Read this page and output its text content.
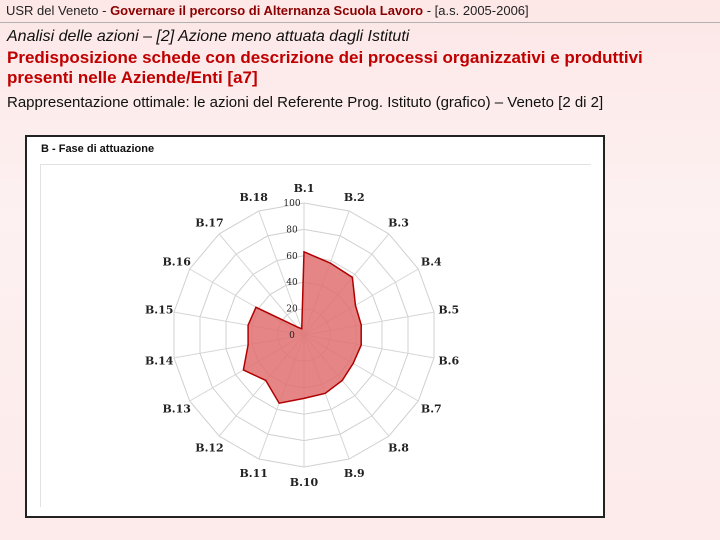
USR del Veneto - Governare il percorso di Alternanza Scuola Lavoro - [a.s. 2005-2006]
Analisi delle azioni – [2] Azione meno attuata dagli Istituti
Predisposizione schede con descrizione dei processi organizzativi e produttivi presenti nelle Aziende/Enti [a7]
Rappresentazione ottimale: le azioni del Referente Prog. Istituto (grafico) – Veneto [2 di 2]
B - Fase di attuazione
0
20
40
60
80
100
B.1
B.2
B.3
B.4
B.5
B.6
B.7
B.8
B.9
B.10
B.11
B.12
B.13
B.14
B.15
B.16
B.17
B.18
